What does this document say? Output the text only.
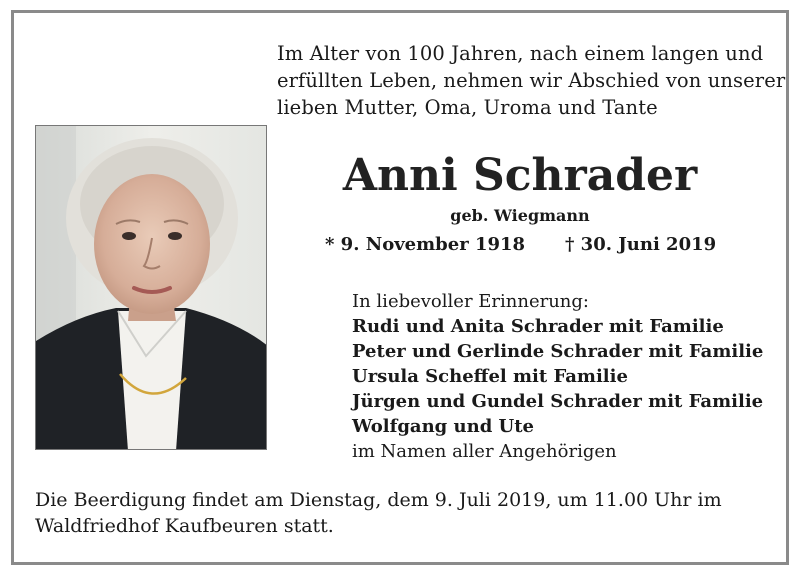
Im Alter von 100 Jahren, nach einem langen und
erfüllten Leben, nehmen wir Abschied von unserer
lieben Mutter, Oma, Uroma und Tante
Anni Schrader
geb. Wiegmann
* 9. November 1918 † 30. Juni 2019
In liebevoller Erinnerung:
Rudi und Anita Schrader mit Familie
Peter und Gerlinde Schrader mit Familie
Ursula Scheffel mit Familie
Jürgen und Gundel Schrader mit Familie
Wolfgang und Ute
im Namen aller Angehörigen
Die Beerdigung findet am Dienstag, dem 9. Juli 2019, um 11.00 Uhr im
Waldfriedhof Kaufbeuren statt.
